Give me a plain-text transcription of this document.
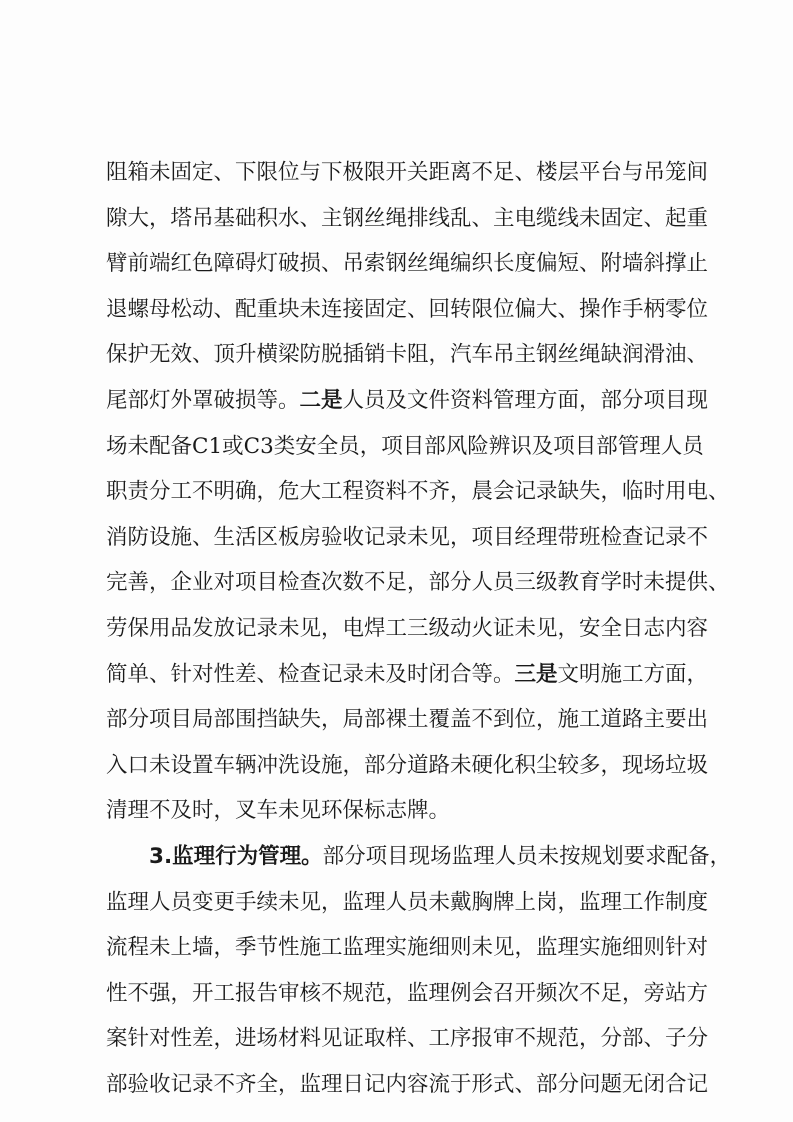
阻箱未固定、下限位与下极限开关距离不足、楼层平台与吊笼间
隙大，塔吊基础积水、主钢丝绳排线乱、主电缆线未固定、起重
臂前端红色障碍灯破损、吊索钢丝绳编织长度偏短、附墙斜撑止
退螺母松动、配重块未连接固定、回转限位偏大、操作手柄零位
保护无效、顶升横梁防脱插销卡阻，汽车吊主钢丝绳缺润滑油、
尾部灯外罩破损等。二是人员及文件资料管理方面，部分项目现
场未配备C1或C3类安全员，项目部风险辨识及项目部管理人员
职责分工不明确，危大工程资料不齐，晨会记录缺失，临时用电、
消防设施、生活区板房验收记录未见，项目经理带班检查记录不
完善，企业对项目检查次数不足，部分人员三级教育学时未提供、
劳保用品发放记录未见，电焊工三级动火证未见，安全日志内容
简单、针对性差、检查记录未及时闭合等。三是文明施工方面，
部分项目局部围挡缺失，局部裸土覆盖不到位，施工道路主要出
入口未设置车辆冲洗设施，部分道路未硬化积尘较多，现场垃圾
清理不及时，叉车未见环保标志牌。
3.监理行为管理。部分项目现场监理人员未按规划要求配备，
监理人员变更手续未见，监理人员未戴胸牌上岗，监理工作制度
流程未上墙，季节性施工监理实施细则未见，监理实施细则针对
性不强，开工报告审核不规范，监理例会召开频次不足，旁站方
案针对性差，进场材料见证取样、工序报审不规范，分部、子分
部验收记录不齐全，监理日记内容流于形式、部分问题无闭合记
